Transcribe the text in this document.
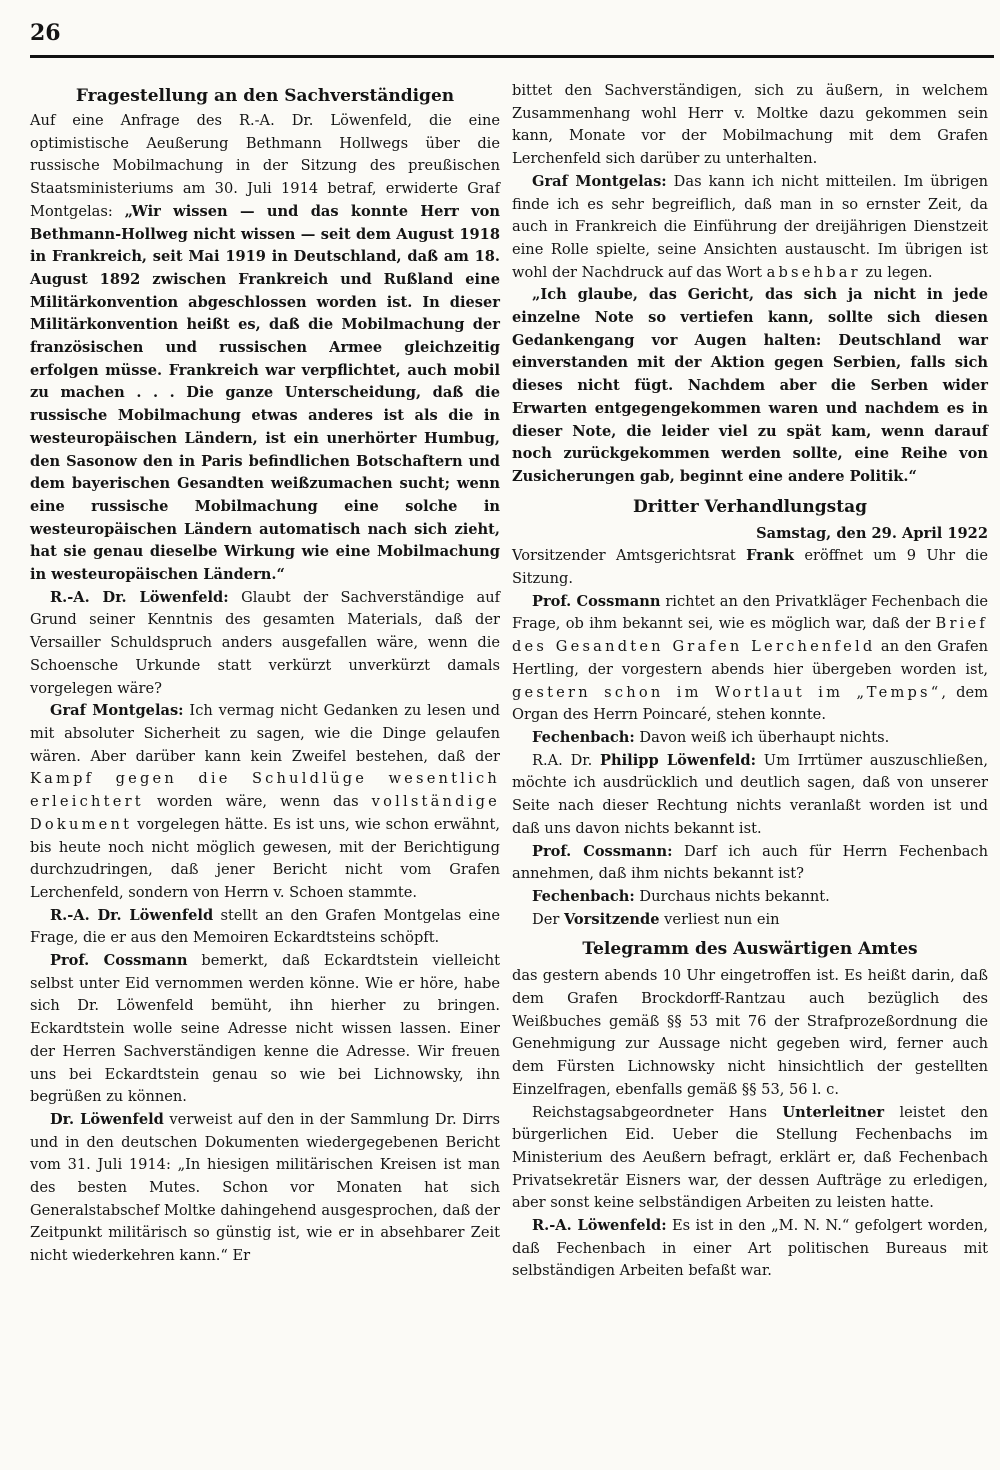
26
Fragestellung an den Sachverständigen

Auf eine Anfrage des R.-A. Dr. Löwenfeld, die eine optimistische Aeußerung Bethmann Hollwegs über die russische Mobilmachung in der Sitzung des preußischen Staatsministeriums am 30. Juli 1914 betraf, erwiderte Graf Montgelas: „Wir wissen — und das konnte Herr von Bethmann-Hollweg nicht wissen — seit dem August 1918 in Frankreich, seit Mai 1919 in Deutschland, daß am 18. August 1892 zwischen Frankreich und Rußland eine Militärkonvention abgeschlossen worden ist. In dieser Militärkonvention heißt es, daß die Mobilmachung der französischen und russischen Armee gleichzeitig erfolgen müsse. Frankreich war verpflichtet, auch mobil zu machen . . . Die ganze Unterscheidung, daß die russische Mobilmachung etwas anderes ist als die in westeuropäischen Ländern, ist ein unerhörter Humbug, den Sasonow den in Paris befindlichen Botschaftern und dem bayerischen Gesandten weißzumachen sucht; wenn eine russische Mobilmachung eine solche in westeuropäischen Ländern automatisch nach sich zieht, hat sie genau dieselbe Wirkung wie eine Mobilmachung in westeuropäischen Ländern.“

R.-A. Dr. Löwenfeld: Glaubt der Sachverständige auf Grund seiner Kenntnis des gesamten Materials, daß der Versailler Schuldspruch anders ausgefallen wäre, wenn die Schoensche Urkunde statt verkürzt unverkürzt damals vorgelegen wäre?

Graf Montgelas: Ich vermag nicht Gedanken zu lesen und mit absoluter Sicherheit zu sagen, wie die Dinge gelaufen wären. Aber darüber kann kein Zweifel bestehen, daß der Kampf gegen die Schuldlüge wesentlich erleichtert worden wäre, wenn das vollständige Dokument vorgelegen hätte. Es ist uns, wie schon erwähnt, bis heute noch nicht möglich gewesen, mit der Berichtigung durchzudringen, daß jener Bericht nicht vom Grafen Lerchenfeld, sondern von Herrn v. Schoen stammte.

R.-A. Dr. Löwenfeld stellt an den Grafen Montgelas eine Frage, die er aus den Memoiren Eckardtsteins schöpft.

Prof. Cossmann bemerkt, daß Eckardtstein vielleicht selbst unter Eid vernommen werden könne. Wie er höre, habe sich Dr. Löwenfeld bemüht, ihn hierher zu bringen. Eckardtstein wolle seine Adresse nicht wissen lassen. Einer der Herren Sachverständigen kenne die Adresse. Wir freuen uns bei Eckardtstein genau so wie bei Lichnowsky, ihn begrüßen zu können.

Dr. Löwenfeld verweist auf den in der Sammlung Dr. Dirrs und in den deutschen Dokumenten wiedergegebenen Bericht vom 31. Juli 1914: „In hiesigen militärischen Kreisen ist man des besten Mutes. Schon vor Monaten hat sich Generalstabschef Moltke dahingehend ausgesprochen, daß der Zeitpunkt militärisch so günstig ist, wie er in absehbarer Zeit nicht wiederkehren kann.“ Er

bittet den Sachverständigen, sich zu äußern, in welchem Zusammenhang wohl Herr v. Moltke dazu gekommen sein kann, Monate vor der Mobilmachung mit dem Grafen Lerchenfeld sich darüber zu unterhalten.

Graf Montgelas: Das kann ich nicht mitteilen. Im übrigen finde ich es sehr begreiflich, daß man in so ernster Zeit, da auch in Frankreich die Einführung der dreijährigen Dienstzeit eine Rolle spielte, seine Ansichten austauscht. Im übrigen ist wohl der Nachdruck auf das Wort absehbar zu legen.

„Ich glaube, das Gericht, das sich ja nicht in jede einzelne Note so vertiefen kann, sollte sich diesen Gedankengang vor Augen halten: Deutschland war einverstanden mit der Aktion gegen Serbien, falls sich dieses nicht fügt. Nachdem aber die Serben wider Erwarten entgegengekommen waren und nachdem es in dieser Note, die leider viel zu spät kam, wenn darauf noch zurückgekommen werden sollte, eine Reihe von Zusicherungen gab, beginnt eine andere Politik.“

Dritter Verhandlungstag
Samstag, den 29. April 1922

Vorsitzender Amtsgerichtsrat Frank eröffnet um 9 Uhr die Sitzung.

Prof. Cossmann richtet an den Privatkläger Fechenbach die Frage, ob ihm bekannt sei, wie es möglich war, daß der Brief des Gesandten Grafen Lerchenfeld an den Grafen Hertling, der vorgestern abends hier übergeben worden ist, gestern schon im Wortlaut im „Temps“, dem Organ des Herrn Poincaré, stehen konnte.

Fechenbach: Davon weiß ich überhaupt nichts.

R.A. Dr. Philipp Löwenfeld: Um Irrtümer auszuschließen, möchte ich ausdrücklich und deutlich sagen, daß von unserer Seite nach dieser Rechtung nichts veranlaßt worden ist und daß uns davon nichts bekannt ist.

Prof. Cossmann: Darf ich auch für Herrn Fechenbach annehmen, daß ihm nichts bekannt ist?

Fechenbach: Durchaus nichts bekannt.

Der Vorsitzende verliest nun ein

Telegramm des Auswärtigen Amtes

das gestern abends 10 Uhr eingetroffen ist. Es heißt darin, daß dem Grafen Brockdorff-Rantzau auch bezüglich des Weißbuches gemäß §§ 53 mit 76 der Strafprozeßordnung die Genehmigung zur Aussage nicht gegeben wird, ferner auch dem Fürsten Lichnowsky nicht hinsichtlich der gestellten Einzelfragen, ebenfalls gemäß §§ 53, 56 l. c.

Reichstagsabgeordneter Hans Unterleitner leistet den bürgerlichen Eid. Ueber die Stellung Fechenbachs im Ministerium des Aeußern befragt, erklärt er, daß Fechenbach Privatsekretär Eisners war, der dessen Aufträge zu erledigen, aber sonst keine selbständigen Arbeiten zu leisten hatte.

R.-A. Löwenfeld: Es ist in den „M. N. N.“ gefolgert worden, daß Fechenbach in einer Art politischen Bureaus mit selbständigen Arbeiten befaßt war.
